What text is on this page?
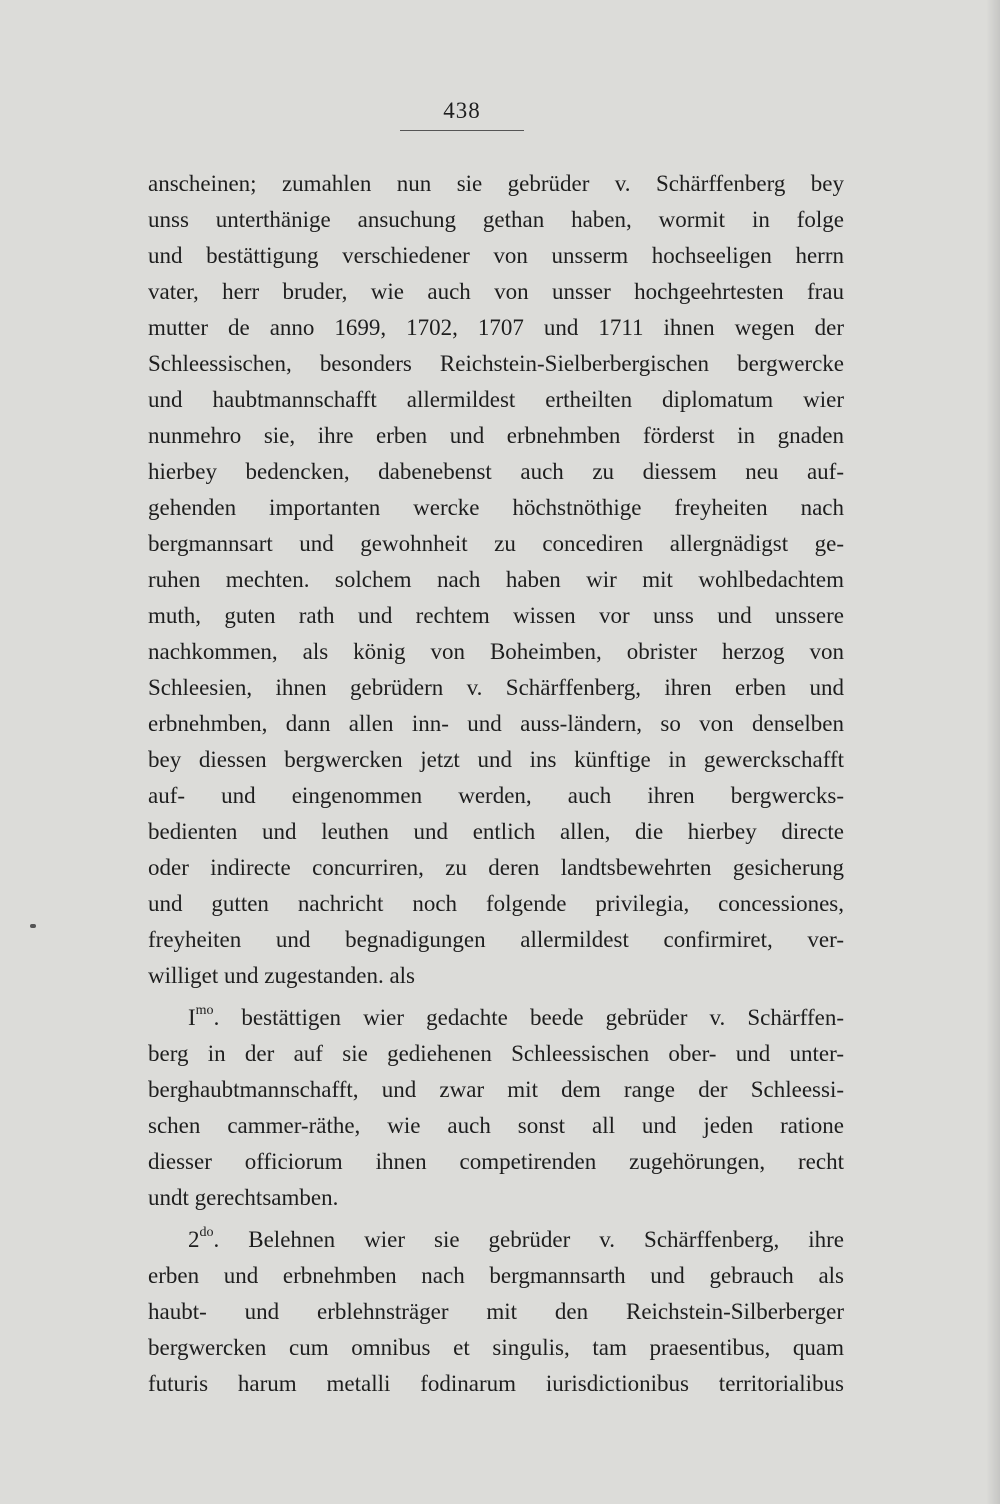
438
anscheinen; zumahlen nun sie gebrüder v. Schärffenberg bey
unss unterthänige ansuchung gethan haben, wormit in folge
und bestättigung verschiedener von unsserm hochseeligen herrn
vater, herr bruder, wie auch von unsser hochgeehrtesten frau
mutter de anno 1699, 1702, 1707 und 1711 ihnen wegen der
Schleessischen, besonders Reichstein-Sielberbergischen bergwercke
und haubtmannschafft allermildest ertheilten diplomatum wier
nunmehro sie, ihre erben und erbnehmben förderst in gnaden
hierbey bedencken, dabenebenst auch zu diessem neu auf-
gehenden importanten wercke höchstnöthige freyheiten nach
bergmannsart und gewohnheit zu concediren allergnädigst ge-
ruhen mechten. solchem nach haben wir mit wohlbedachtem
muth, guten rath und rechtem wissen vor unss und unssere
nachkommen, als könig von Boheimben, obrister herzog von
Schleesien, ihnen gebrüdern v. Schärffenberg, ihren erben und
erbnehmben, dann allen inn- und auss-ländern, so von denselben
bey diessen bergwercken jetzt und ins künftige in gewerckschafft
auf- und eingenommen werden, auch ihren bergwercks-
bedienten und leuthen und entlich allen, die hierbey directe
oder indirecte concurriren, zu deren landtsbewehrten gesicherung
und gutten nachricht noch folgende privilegia, concessiones,
freyheiten und begnadigungen allermildest confirmiret, ver-
williget und zugestanden. als
$I^{mo}$. bestättigen wier gedachte beede gebrüder v. Schärffen-
berg in der auf sie gediehenen Schleessischen ober- und unter-
berghaubtmannschafft, und zwar mit dem range der Schleessi-
schen cammer-räthe, wie auch sonst all und jeden ratione
diesser officiorum ihnen competirenden zugehörungen, recht
undt gerechtsamben.
$2^{do}$. Belehnen wier sie gebrüder v. Schärffenberg, ihre
erben und erbnehmben nach bergmannsarth und gebrauch als
haubt- und erblehnsträger mit den Reichstein-Silberberger
bergwercken cum omnibus et singulis, tam praesentibus, quam
futuris harum metalli fodinarum iurisdictionibus territorialibus
